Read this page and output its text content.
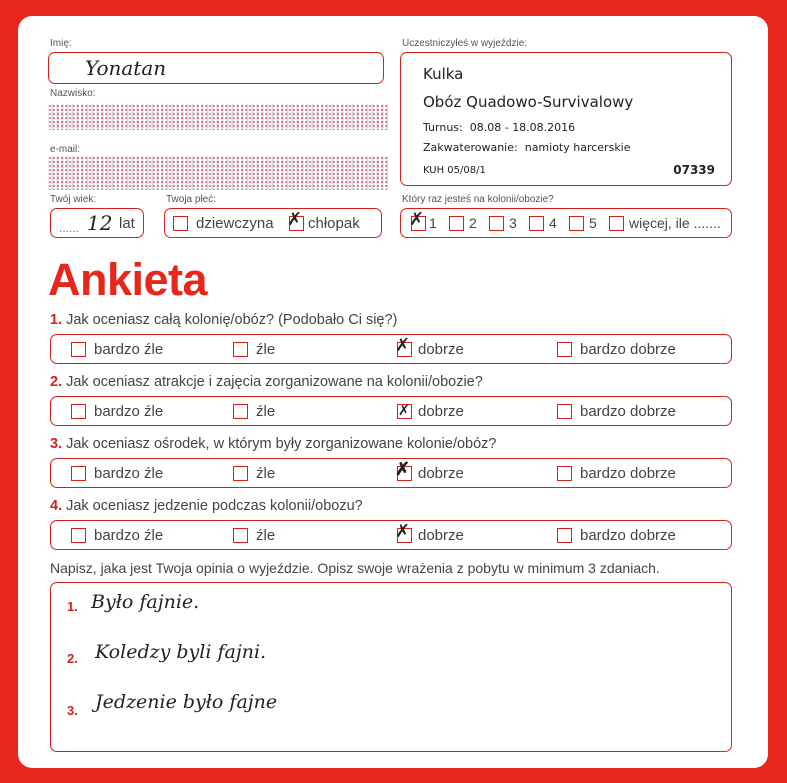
Imię:
Yonatan
Nazwisko:
e-mail:
Twój wiek:
...... 12 lat
Twoja płeć:
dziewczyna ✗ chłopak
Uczestniczyłeś w wyjeździe:
Kulka
Obóz Quadowo-Survivalowy
Turnus: 08.08 - 18.08.2016
Zakwaterowanie: namioty harcerskie
KUH 05/08/1	07339
Który raz jesteś na kolonii/obozie?
✗ 1 2 3 4 5 więcej, ile .......
Ankieta
1. Jak oceniasz całą kolonię/obóz? (Podobało Ci się?)
bardzo źle	źle	✗ dobrze	bardzo dobrze
2. Jak oceniasz atrakcje i zajęcia zorganizowane na kolonii/obozie?
bardzo źle	źle	✗ dobrze	bardzo dobrze
3. Jak oceniasz ośrodek, w którym były zorganizowane kolonie/obóz?
bardzo źle	źle	✗ dobrze	bardzo dobrze
4. Jak oceniasz jedzenie podczas kolonii/obozu?
bardzo źle	źle	✗ dobrze	bardzo dobrze
Napisz, jaka jest Twoja opinia o wyjeździe. Opisz swoje wrażenia z pobytu w minimum 3 zdaniach.
1. Było fajnie.
2. Koledzy byli fajni.
3. Jedzenie było fajne
